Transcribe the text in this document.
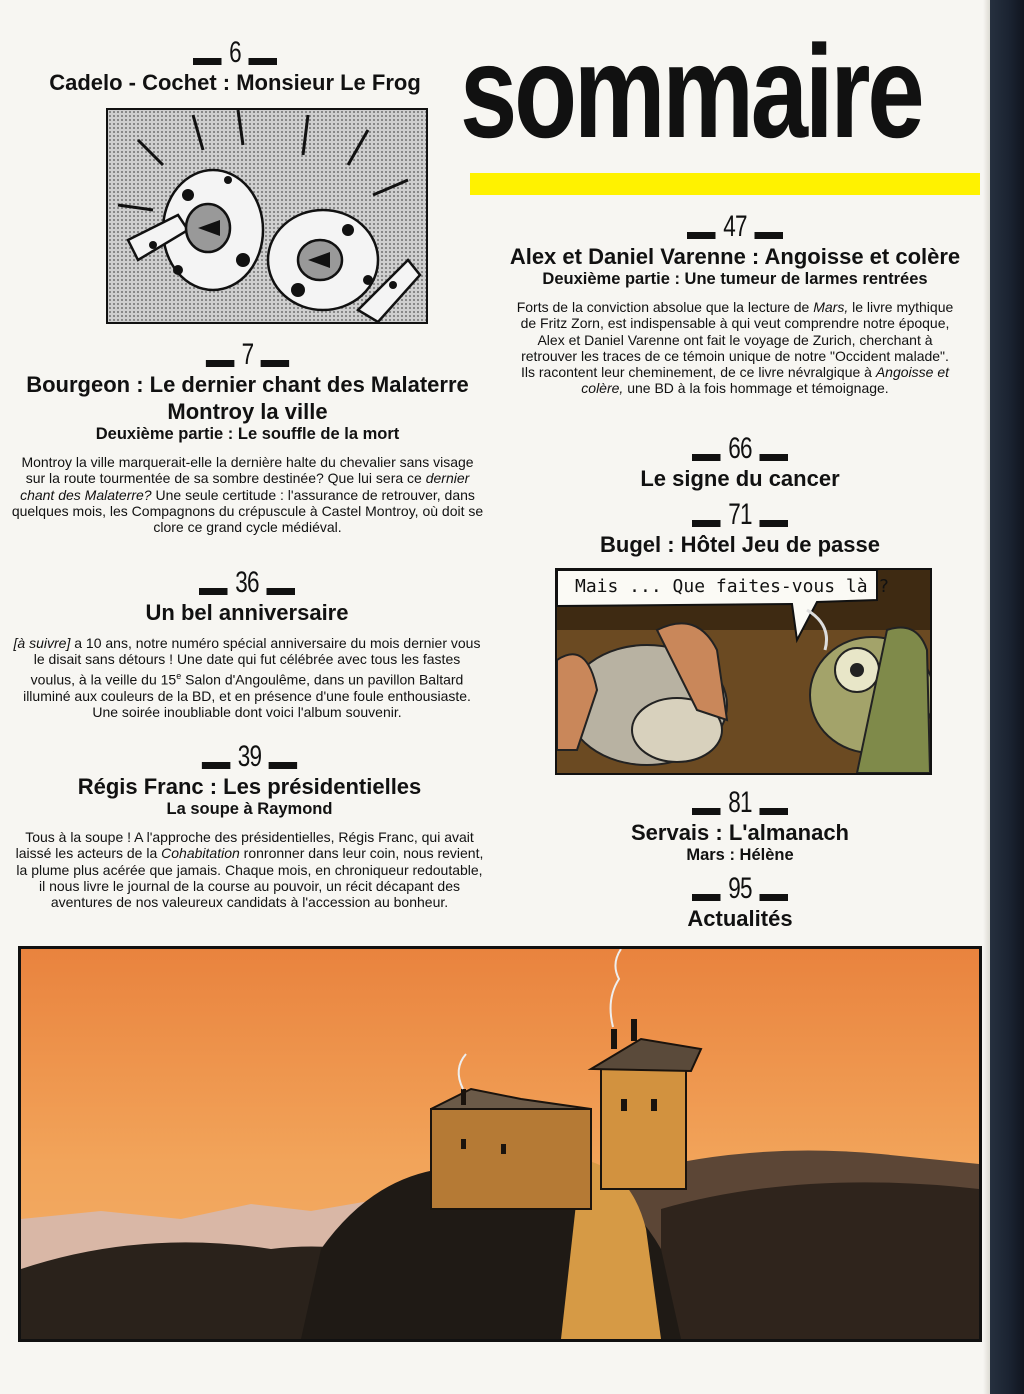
sommaire
6
Cadelo - Cochet : Monsieur Le Frog
7
Bourgeon : Le dernier chant des Malaterre
Montroy la ville
Deuxième partie : Le souffle de la mort
Montroy la ville marquerait-elle la dernière halte du chevalier sans visage sur la route tourmentée de sa sombre destinée? Que lui sera ce dernier chant des Malaterre? Une seule certitude : l'assurance de retrouver, dans quelques mois, les Compagnons du crépuscule à Castel Montroy, où doit se clore ce grand cycle médiéval.
36
Un bel anniversaire
[à suivre] a 10 ans, notre numéro spécial anniversaire du mois dernier vous le disait sans détours ! Une date qui fut célébrée avec tous les fastes voulus, à la veille du 15e Salon d'Angoulême, dans un pavillon Baltard illuminé aux couleurs de la BD, et en présence d'une foule enthousiaste. Une soirée inoubliable dont voici l'album souvenir.
39
Régis Franc : Les présidentielles
La soupe à Raymond
Tous à la soupe ! A l'approche des présidentielles, Régis Franc, qui avait laissé les acteurs de la Cohabitation ronronner dans leur coin, nous revient, la plume plus acérée que jamais. Chaque mois, en chroniqueur redoutable, il nous livre le journal de la course au pouvoir, un récit décapant des aventures de nos valeureux candidats à l'accession au bonheur.
47
Alex et Daniel Varenne : Angoisse et colère
Deuxième partie : Une tumeur de larmes rentrées
Forts de la conviction absolue que la lecture de Mars, le livre mythique de Fritz Zorn, est indispensable à qui veut comprendre notre époque, Alex et Daniel Varenne ont fait le voyage de Zurich, cherchant à retrouver les traces de ce témoin unique de notre "Occident malade". Ils racontent leur cheminement, de ce livre névralgique à Angoisse et colère, une BD à la fois hommage et témoignage.
66
Le signe du cancer
71
Bugel : Hôtel Jeu de passe
Mais ... Que faites-vous là ?
81
Servais : L'almanach
Mars : Hélène
95
Actualités
